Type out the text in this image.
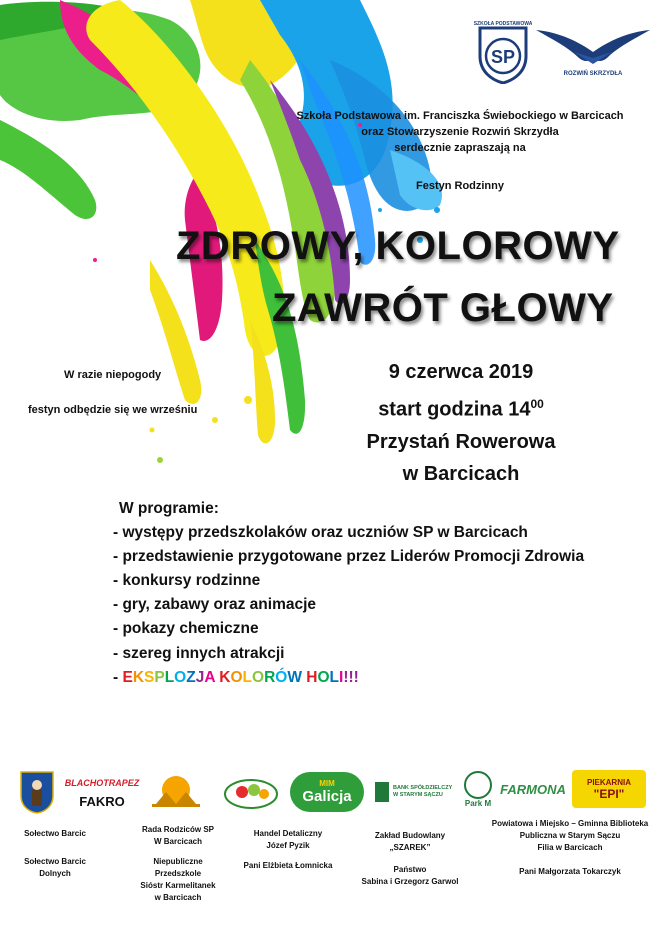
SP
SZKOŁA PODSTAWOWA
ROZWIŃ SKRZYDŁA
Szkoła Podstawowa im. Franciszka Świebockiego w Barcicach
oraz Stowarzyszenie Rozwiń Skrzydła
serdecznie zapraszają na
Festyn Rodzinny
ZDROWY, KOLOROWY
ZAWRÓT GŁOWY
W razie niepogody
festyn odbędzie się we wrześniu
9 czerwca 2019
start godzina $14^{00}$
Przystań Rowerowa
w Barcicach
W programie:
- występy przedszkolaków oraz uczniów SP w Barcicach
- przedstawienie przygotowane przez Liderów Promocji Zdrowia
- konkursy rodzinne
- gry, zabawy oraz animacje
- pokazy chemiczne
- szereg innych atrakcji
- EKSPLOZJA KOLORÓW HOLI!!!
BLACHOTRAPEZ
FAKRO
MIM
Galicja	BANK SPÓŁDZIELCZY W STARYM SĄCZU
Park M
FARMONA	PIEKARNIA
"EPI"
Sołectwo Barcic
Sołectwo Barcic
Dolnych
Rada Rodziców SP
W Barcicach
Niepubliczne Przedszkole
Sióstr Karmelitanek
w Barcicach
Handel Detaliczny
Józef Pyzik
Pani Elżbieta Łomnicka
Zakład Budowlany
„SZAREK”
Państwo
Sabina i Grzegorz Garwol
Powiatowa i Miejsko – Gminna Biblioteka
Publiczna w Starym Sączu
Filia w Barcicach
Pani Małgorzata Tokarczyk
